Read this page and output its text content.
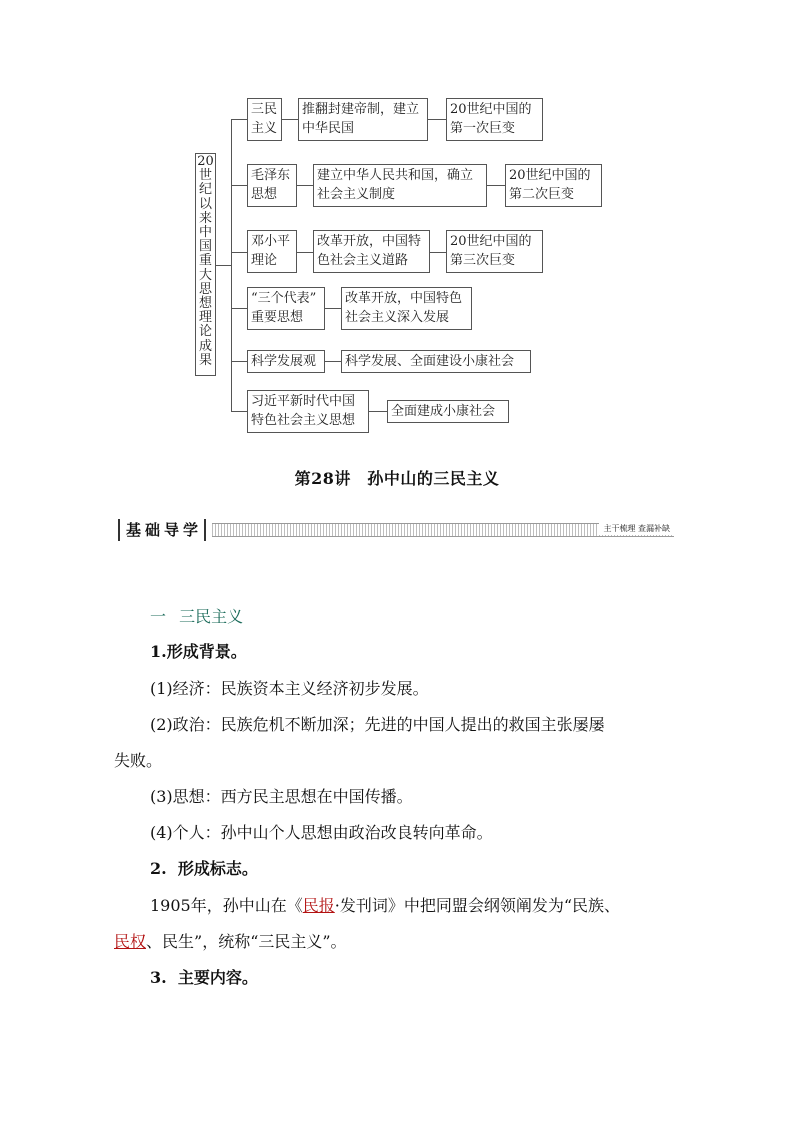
20
世
纪
以
来
中
国
重
大
思
想
理
论
成
果
三民
主义
推翻封建帝制，建立
中华民国
20世纪中国的
第一次巨变
毛泽东
思想
建立中华人民共和国，确立
社会主义制度
20世纪中国的
第二次巨变
邓小平
理论
改革开放，中国特
色社会主义道路
20世纪中国的
第三次巨变
“三个代表”
重要思想
改革开放，中国特色
社会主义深入发展
科学发展观	科学发展、全面建设小康社会
习近平新时代中国
特色社会主义思想
全面建成小康社会
第28讲　孙中山的三民主义
基础导学	主干梳理 查漏补缺
一 三民主义
1.形成背景。
(1)经济：民族资本主义经济初步发展。
(2)政治：民族危机不断加深；先进的中国人提出的救国主张屡屡
失败。
(3)思想：西方民主思想在中国传播。
(4)个人：孙中山个人思想由政治改良转向革命。
2.  形成标志。
1905年，孙中山在《民报·发刊词》中把同盟会纲领阐发为“民族、
民权、民生”，统称“三民主义”。
3.  主要内容。
